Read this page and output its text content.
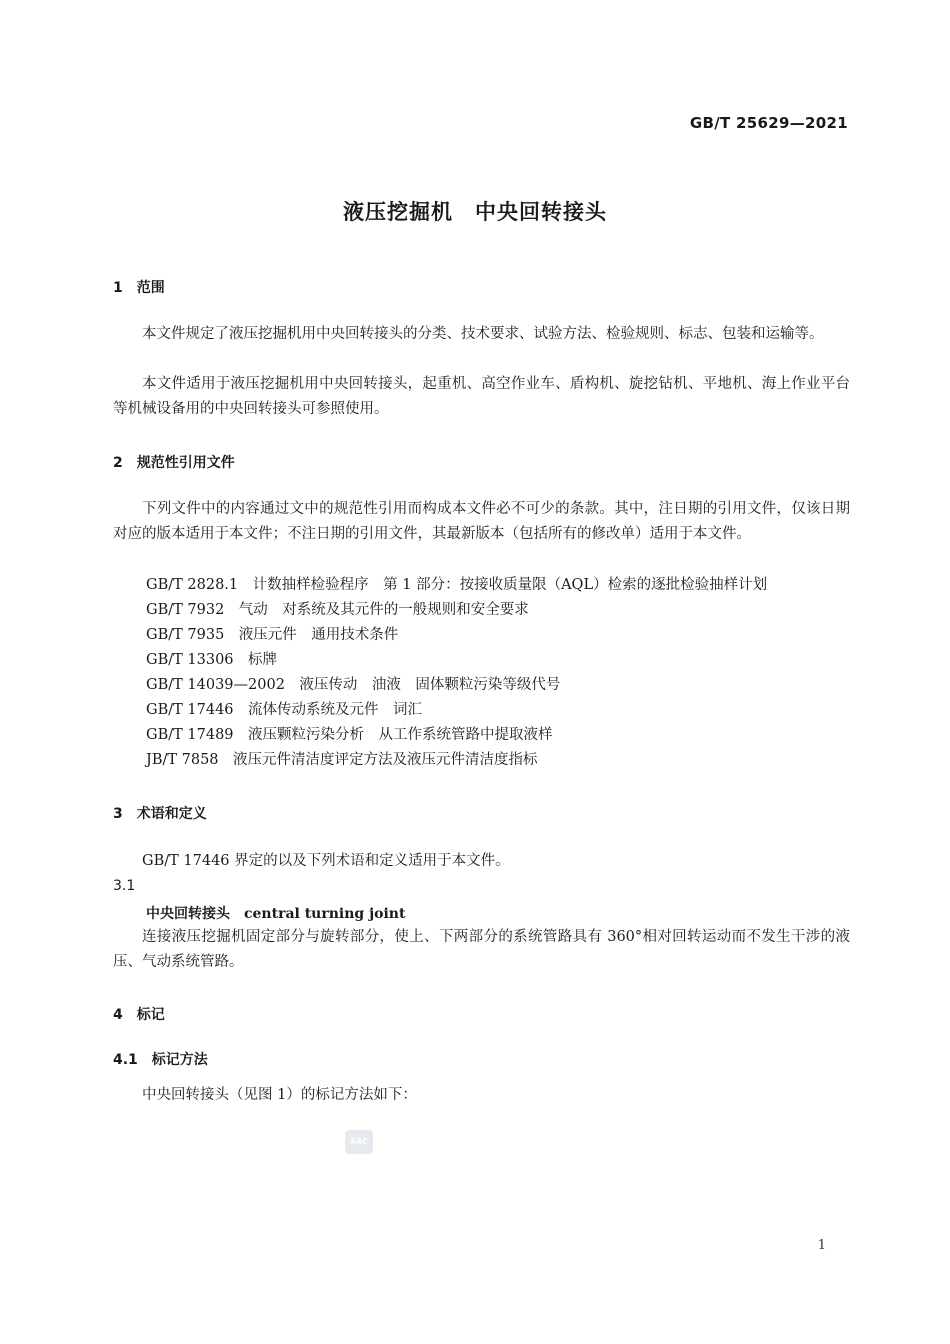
GB/T 25629—2021
液压挖掘机　中央回转接头
1　范围
本文件规定了液压挖掘机用中央回转接头的分类、技术要求、试验方法、检验规则、标志、包装和运输等。
本文件适用于液压挖掘机用中央回转接头，起重机、高空作业车、盾构机、旋挖钻机、平地机、海上作业平台等机械设备用的中央回转接头可参照使用。
2　规范性引用文件
下列文件中的内容通过文中的规范性引用而构成本文件必不可少的条款。其中，注日期的引用文件，仅该日期对应的版本适用于本文件；不注日期的引用文件，其最新版本（包括所有的修改单）适用于本文件。
GB/T 2828.1　计数抽样检验程序　第 1 部分：按接收质量限（AQL）检索的逐批检验抽样计划
GB/T 7932　气动　对系统及其元件的一般规则和安全要求
GB/T 7935　液压元件　通用技术条件
GB/T 13306　标牌
GB/T 14039—2002　液压传动　油液　固体颗粒污染等级代号
GB/T 17446　流体传动系统及元件　词汇
GB/T 17489　液压颗粒污染分析　从工作系统管路中提取液样
JB/T 7858　液压元件清洁度评定方法及液压元件清洁度指标
3　术语和定义
GB/T 17446 界定的以及下列术语和定义适用于本文件。
3.1
中央回转接头　 central turning joint
连接液压挖掘机固定部分与旋转部分，使上、下两部分的系统管路具有 360°相对回转运动而不发生干涉的液压、气动系统管路。
4　标记
4.1　标记方法
中央回转接头（见图 1）的标记方法如下：
SAC
1
